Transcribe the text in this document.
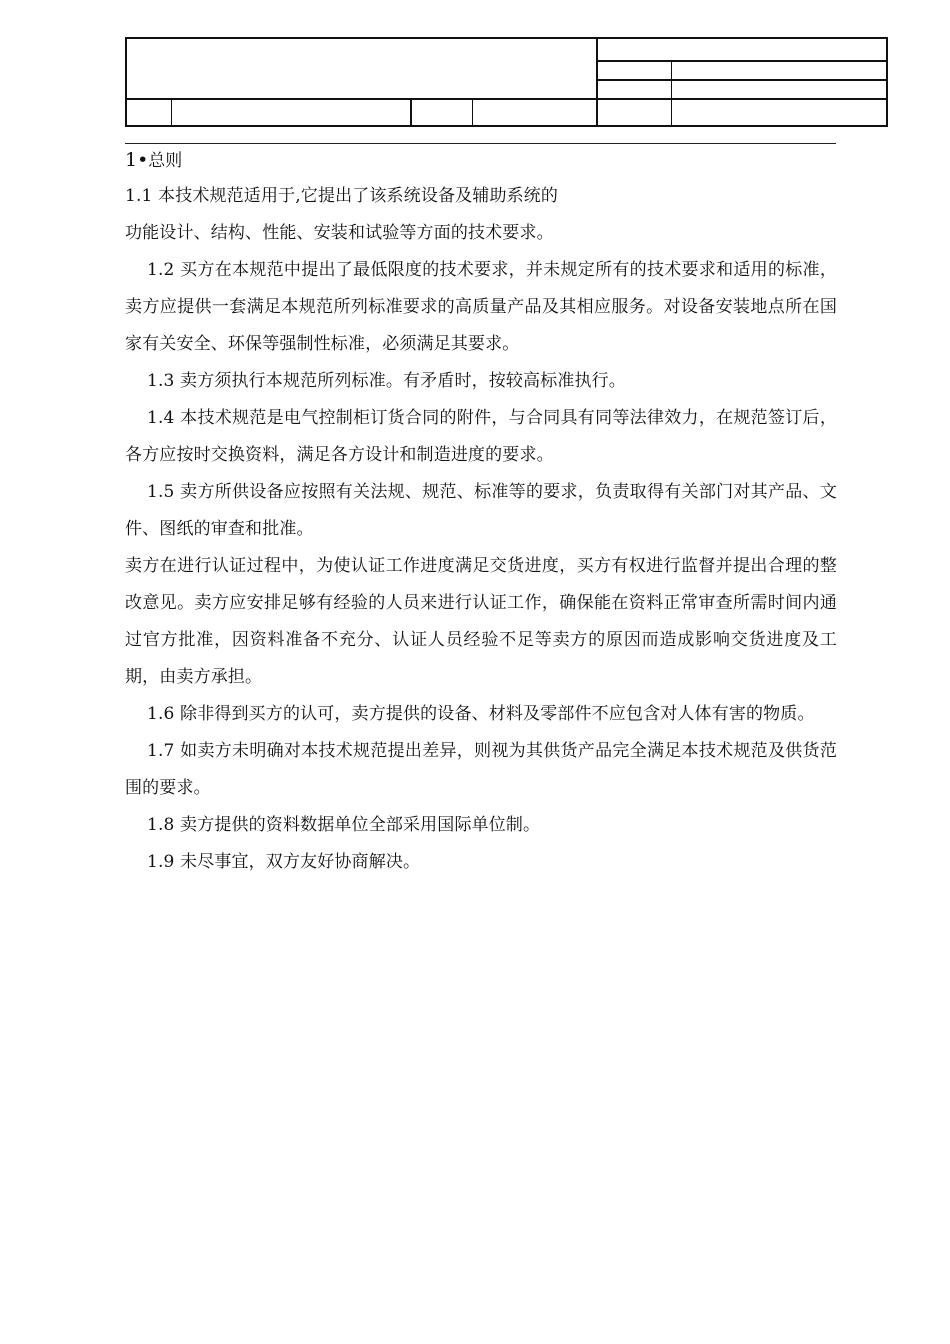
1•总则

1.1 本技术规范适用于,它提出了该系统设备及辅助系统的

功能设计、结构、性能、安装和试验等方面的技术要求。

1.2 买方在本规范中提出了最低限度的技术要求，并未规定所有的技术要求和适用的标准，卖方应提供一套满足本规范所列标准要求的高质量产品及其相应服务。对设备安装地点所在国家有关安全、环保等强制性标准，必须满足其要求。

1.3 卖方须执行本规范所列标准。有矛盾时，按较高标准执行。

1.4 本技术规范是电气控制柜订货合同的附件，与合同具有同等法律效力，在规范签订后，各方应按时交换资料，满足各方设计和制造进度的要求。

1.5 卖方所供设备应按照有关法规、规范、标准等的要求，负责取得有关部门对其产品、文件、图纸的审查和批准。

卖方在进行认证过程中，为使认证工作进度满足交货进度，买方有权进行监督并提出合理的整改意见。卖方应安排足够有经验的人员来进行认证工作，确保能在资料正常审查所需时间内通过官方批准，因资料准备不充分、认证人员经验不足等卖方的原因而造成影响交货进度及工期，由卖方承担。

1.6 除非得到买方的认可，卖方提供的设备、材料及零部件不应包含对人体有害的物质。

1.7 如卖方未明确对本技术规范提出差异，则视为其供货产品完全满足本技术规范及供货范围的要求。

1.8 卖方提供的资料数据单位全部采用国际单位制。

1.9 未尽事宜，双方友好协商解决。
